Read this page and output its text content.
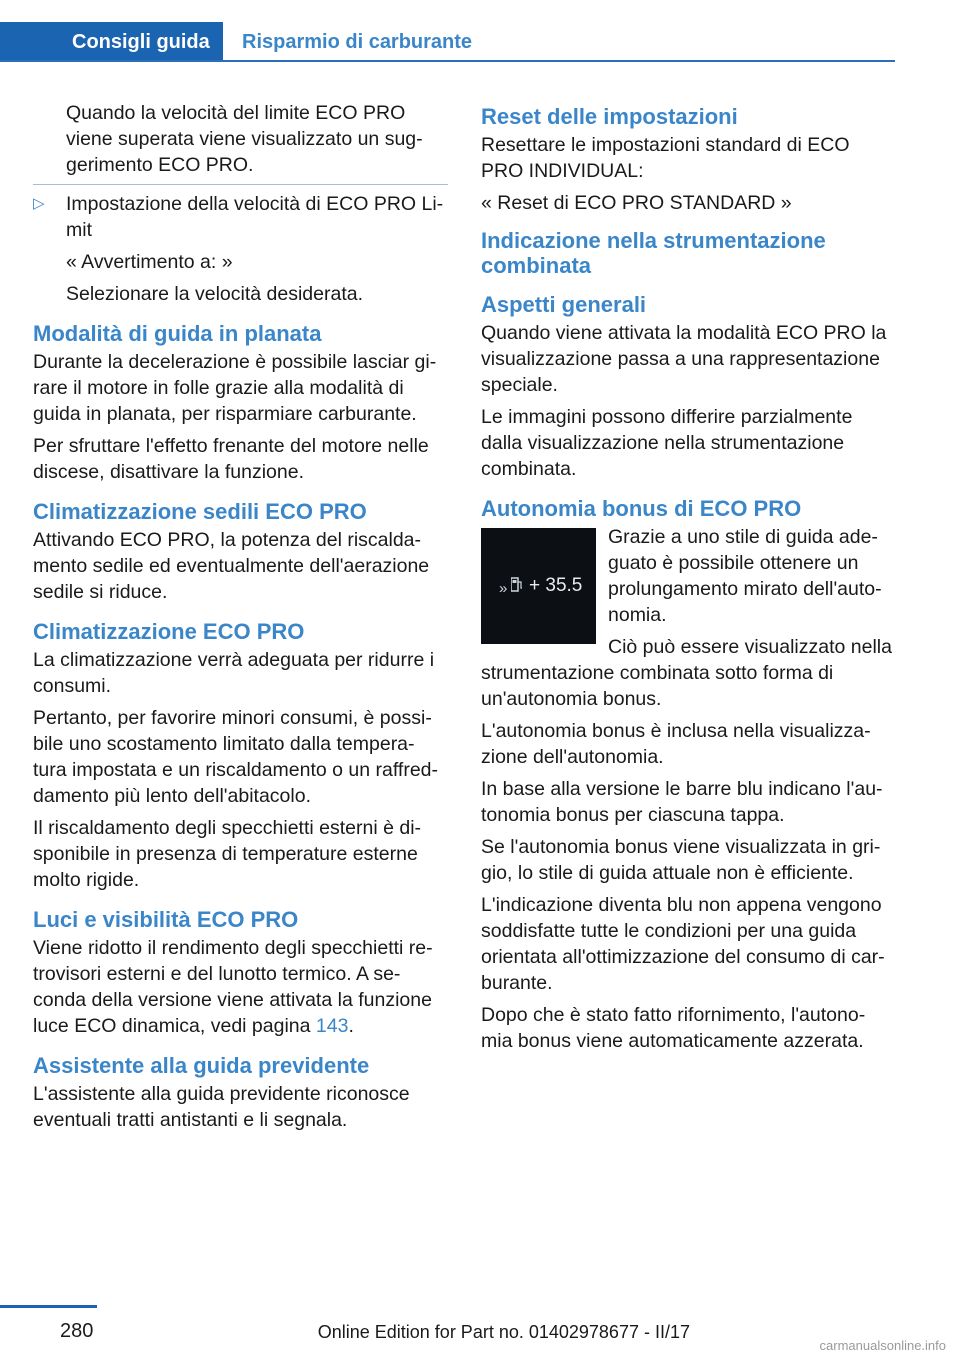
Consigli guida	Risparmio di carburante

Quando la velocità del limite ECO PRO viene superata viene visualizzato un sug‐gerimento ECO PRO.

▷ Impostazione della velocità di ECO PRO Li‐mit

« Avvertimento a: »

Selezionare la velocità desiderata.

Modalità di guida in planata

Durante la decelerazione è possibile lasciar gi‐rare il motore in folle grazie alla modalità di guida in planata, per risparmiare carburante.

Per sfruttare l'effetto frenante del motore nelle discese, disattivare la funzione.

Climatizzazione sedili ECO PRO

Attivando ECO PRO, la potenza del riscalda‐mento sedile ed eventualmente dell'aerazione sedile si riduce.

Climatizzazione ECO PRO

La climatizzazione verrà adeguata per ridurre i consumi.

Pertanto, per favorire minori consumi, è possi‐bile uno scostamento limitato dalla tempera‐tura impostata e un riscaldamento o un raffred‐damento più lento dell'abitacolo.

Il riscaldamento degli specchietti esterni è di‐sponibile in presenza di temperature esterne molto rigide.

Luci e visibilità ECO PRO

Viene ridotto il rendimento degli specchietti re‐trovisori esterni e del lunotto termico. A se‐conda della versione viene attivata la funzione luce ECO dinamica, vedi pagina 143.

Assistente alla guida previdente

L'assistente alla guida previdente riconosce eventuali tratti antistanti e li segnala.

Reset delle impostazioni

Resettare le impostazioni standard di ECO PRO INDIVIDUAL:

« Reset di ECO PRO STANDARD »

Indicazione nella strumentazione combinata
Aspetti generali

Quando viene attivata la modalità ECO PRO la visualizzazione passa a una rappresentazione speciale.

Le immagini possono differire parzialmente dalla visualizzazione nella strumentazione combinata.

Autonomia bonus di ECO PRO
» + 35.5

Grazie a uno stile di guida ade‐guato è possibile ottenere un prolungamento mirato dell'auto‐nomia.

Ciò può essere visualizzato nella strumentazione combinata sotto forma di un'autonomia bonus.

L'autonomia bonus è inclusa nella visualizza‐zione dell'autonomia.

In base alla versione le barre blu indicano l'au‐tonomia bonus per ciascuna tappa.

Se l'autonomia bonus viene visualizzata in gri‐gio, lo stile di guida attuale non è efficiente.

L'indicazione diventa blu non appena vengono soddisfatte tutte le condizioni per una guida orientata all'ottimizzazione del consumo di car‐burante.

Dopo che è stato fatto rifornimento, l'autono‐mia bonus viene automaticamente azzerata.

280	Online Edition for Part no. 01402978677 - II/17
carmanualsonline.info
